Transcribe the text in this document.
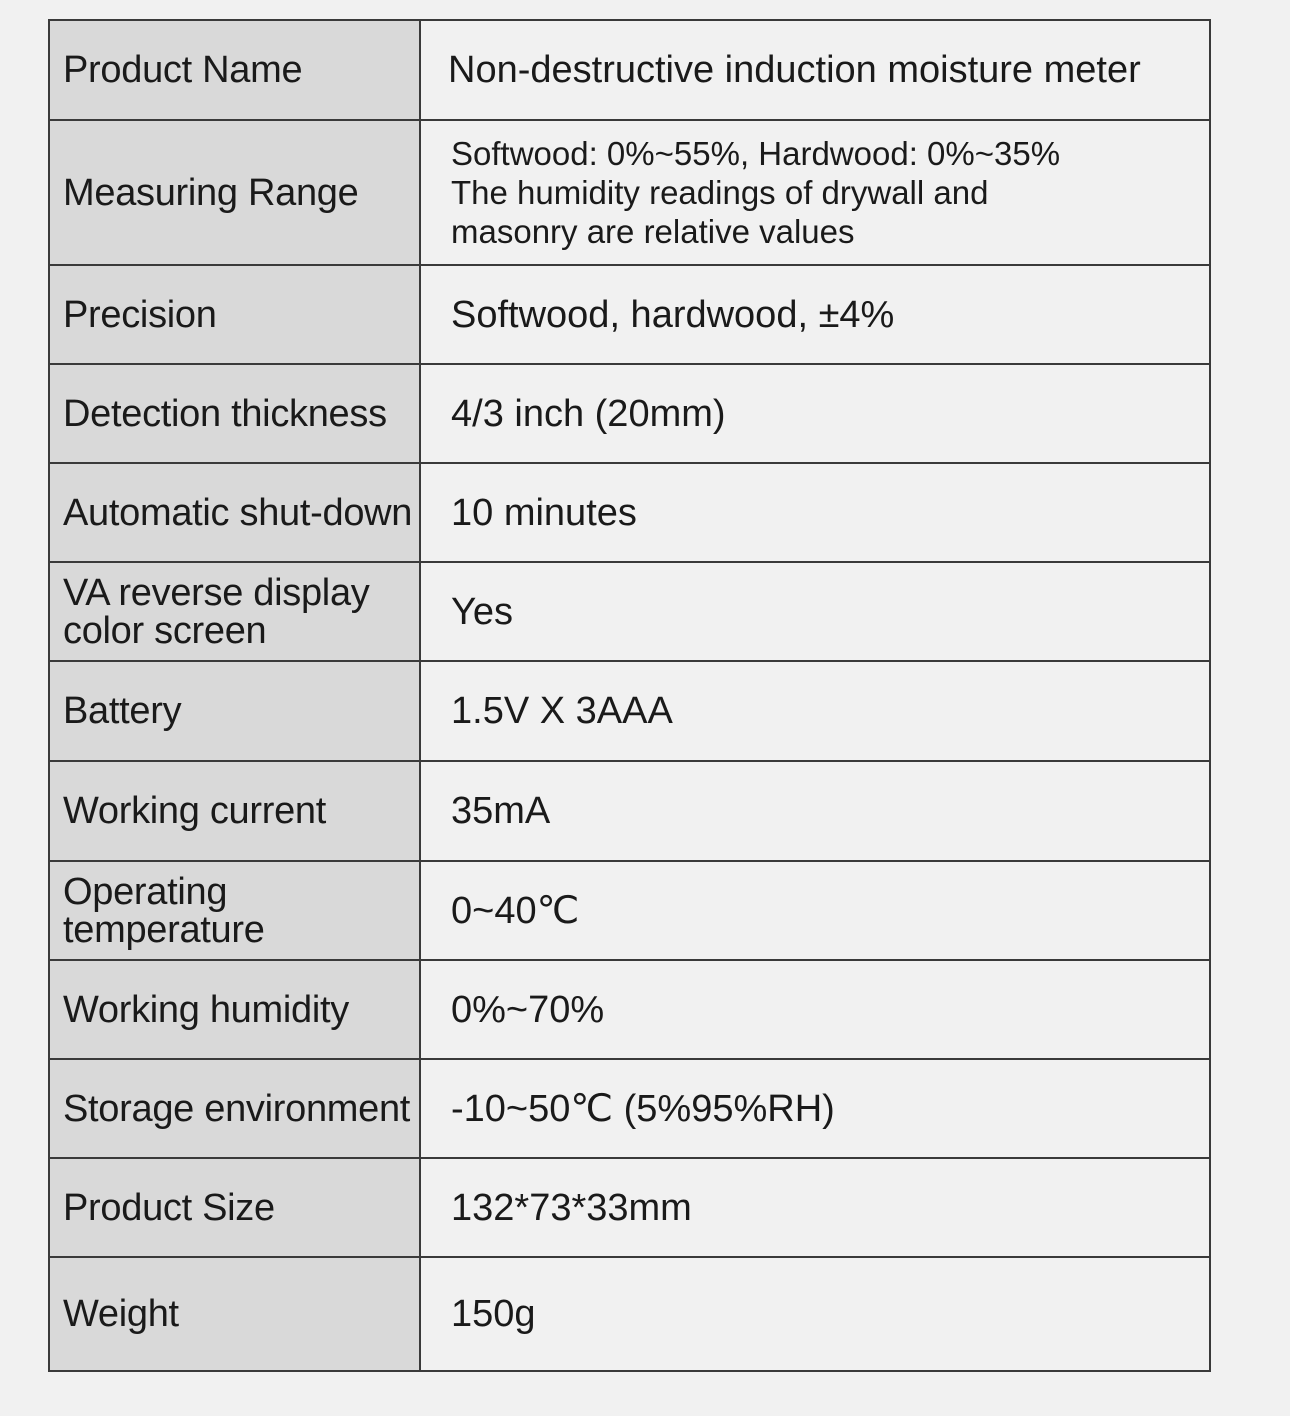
Product Name	Non-destructive induction moisture meter
Measuring Range	Softwood: 0%~55%, Hardwood: 0%~35%
The humidity readings of drywall and
masonry are relative values

Precision	Softwood, hardwood, ±4%
Detection thickness	4/3 inch (20mm)
Automatic shut-down	10 minutes
VA reverse display color screen	Yes
Battery	1.5V X 3AAA
Working current	35mA
Operating temperature	0~40℃
Working humidity	0%~70%
Storage environment	-10~50℃ (5%95%RH)
Product Size	132*73*33mm
Weight	150g
